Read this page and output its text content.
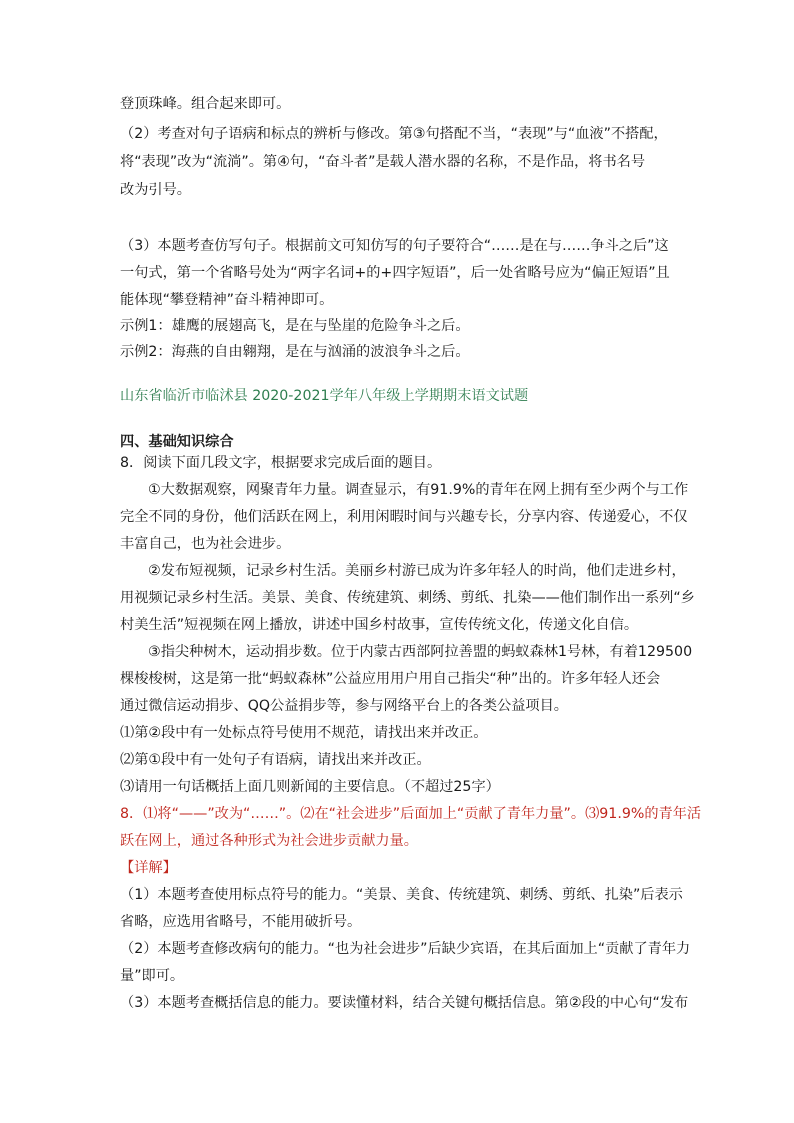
登顶珠峰。组合起来即可。
（2）考查对句子语病和标点的辨析与修改。第③句搭配不当，“表现”与“血液”不搭配，
将“表现”改为“流淌”。第④句，“奋斗者”是载人潜水器的名称，不是作品，将书名号
改为引号。
（3）本题考查仿写句子。根据前文可知仿写的句子要符合“……是在与……争斗之后”这
一句式，第一个省略号处为“两字名词+的+四字短语”，后一处省略号应为“偏正短语”且
能体现“攀登精神”奋斗精神即可。
示例1：雄鹰的展翅高飞，是在与坠崖的危险争斗之后。
示例2：海燕的自由翱翔，是在与汹涌的波浪争斗之后。
山东省临沂市临沭县 2020-2021学年八年级上学期期末语文试题
四、基础知识综合
8．阅读下面几段文字，根据要求完成后面的题目。
①大数据观察，网聚青年力量。调查显示，有91.9%的青年在网上拥有至少两个与工作
完全不同的身份，他们活跃在网上，利用闲暇时间与兴趣专长，分享内容、传递爱心，不仅
丰富自己，也为社会进步。
②发布短视频，记录乡村生活。美丽乡村游已成为许多年轻人的时尚，他们走进乡村，
用视频记录乡村生活。美景、美食、传统建筑、刺绣、剪纸、扎染——他们制作出一系列“乡
村美生活”短视频在网上播放，讲述中国乡村故事，宣传传统文化，传递文化自信。
③指尖种树木，运动捐步数。位于内蒙古西部阿拉善盟的蚂蚁森林1号林，有着129500
棵梭梭树，这是第一批“蚂蚁森林”公益应用用户用自己指尖“种”出的。许多年轻人还会
通过微信运动捐步、QQ公益捐步等，参与网络平台上的各类公益项目。
⑴第②段中有一处标点符号使用不规范，请找出来并改正。
⑵第①段中有一处句子有语病，请找出来并改正。
⑶请用一句话概括上面几则新闻的主要信息。（不超过25字）
8．⑴将“——”改为“……”。⑵在“社会进步”后面加上“贡献了青年力量”。⑶91.9%的青年活
跃在网上，通过各种形式为社会进步贡献力量。
【详解】
（1）本题考查使用标点符号的能力。“美景、美食、传统建筑、刺绣、剪纸、扎染”后表示
省略，应选用省略号，不能用破折号。
（2）本题考查修改病句的能力。“也为社会进步”后缺少宾语，在其后面加上“贡献了青年力
量”即可。
（3）本题考查概括信息的能力。要读懂材料，结合关键句概括信息。第②段的中心句“发布
